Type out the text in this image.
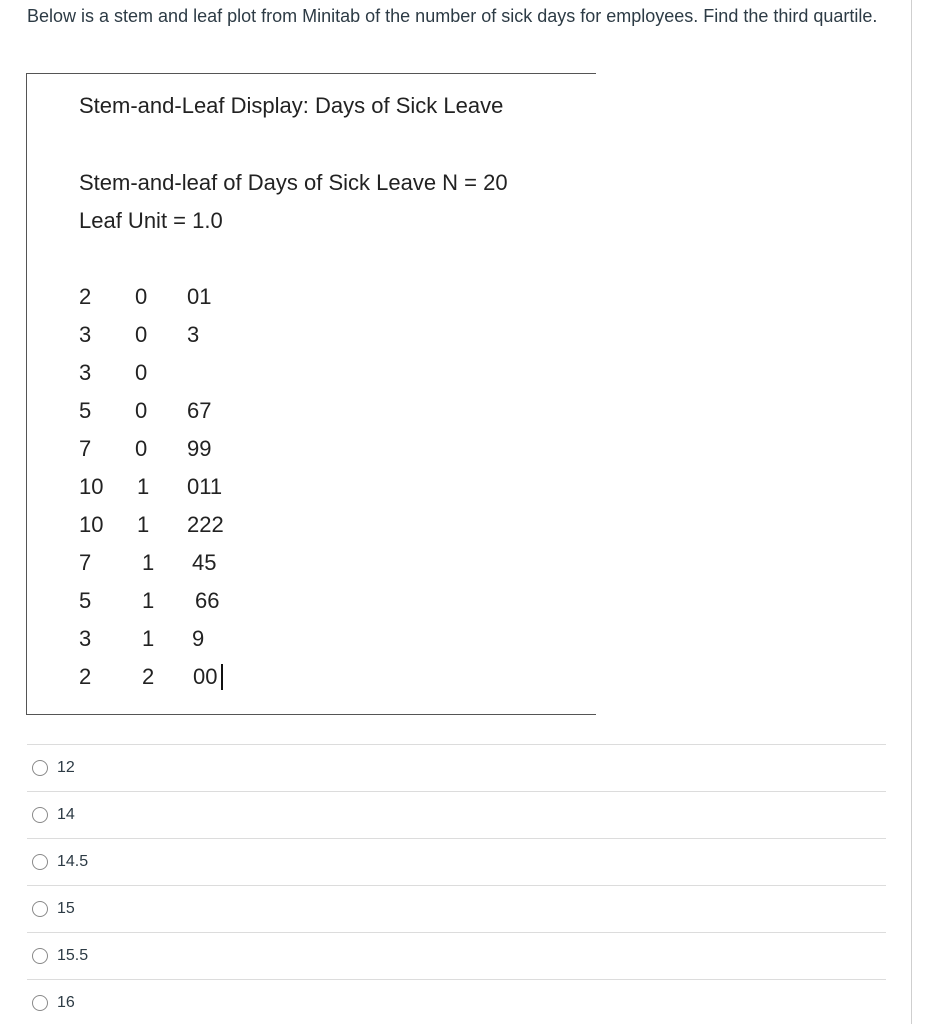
Below is a stem and leaf plot from Minitab of the number of sick days for employees. Find the third quartile.
Stem-and-Leaf Display: Days of Sick Leave
Stem-and-leaf of Days of Sick Leave N = 20
Leaf Unit = 1.0
2 0 01
3 0 3
3 0
5 0 67
7 0 99
10 1 011
10 1 222
7 1 45
5 1 66
3 1 9
2 2 00
12
14
14.5
15
15.5
16
